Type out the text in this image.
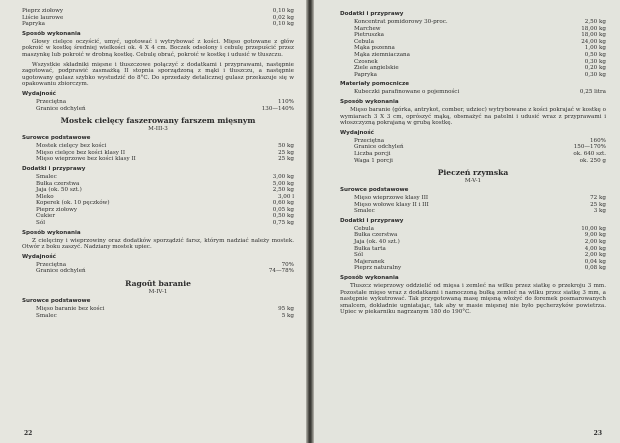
Pieprz ziołowy	0,10 kg
Liście laurowe	0,02 kg
Papryka	0,10 kg
Sposób wykonania

Głowy cielęce oczyścić, umyć, ugotować i wytrybować z kości. Mięso gotowane z głów pokroić w kostkę średniej wielkości ok. 4 X 4 cm. Boczek odsolony i cebulę przepuścić przez maszynkę lub pokroić w drobną kostkę. Cebulę obrać, pokroić w kostkę i udusić w tłuszczu.

Wszystkie składniki mięsne i tłuszczowe połączyć z dodatkami i przyprawami, następnie zagotować, podprawić zasmażką II stopnia sporządzoną z mąki i tłuszczu, a następnie ugotowany gulasz szybko wystudzić do 8°C. Do sprzedaży detalicznej gulasz przekazuje się w opakowaniu zbiorczym.

Wydajność
Przeciętna	110%
Granice odchyleń	130—140%
Mostek cielęcy faszerowany farszem mięsnym
M-III-3
Surowce podstawowe
Mostek cielęcy bez kości	50 kg
Mięso cielęce bez kości klasy II	25 kg
Mięso wieprzowe bez kości klasy II	25 kg
Dodatki i przyprawy
Smalec	3,00 kg
Bułka czerstwa	5,00 kg
Jaja (ok. 50 szt.)	2,50 kg
Mleko	3,00 l
Koperek (ok. 10 pęczków)	0,60 kg
Pieprz ziołowy	0,05 kg
Cukier	0,50 kg
Sól	0,75 kg
Sposób wykonania

Z cielęciny i wieprzowiny oraz dodatków sporządzić farsz, którym nadziać należy mostek. Otwór z boku zaszyć. Nadziany mostek upiec.

Wydajność
Przeciętna	70%
Granice odchyleń	74—78%
Ragoût baranie
M-IV-1
Surowce podstawowe
Mięso baranie bez kości	95 kg
Smalec	5 kg
22
Dodatki i przyprawy
Koncentrat pomidorowy 30-proc.	2,50 kg
Marchew	18,00 kg
Pietruszka	18,00 kg
Cebula	24,00 kg
Mąka pszenna	1,00 kg
Mąka ziemniaczana	0,50 kg
Czosnek	0,30 kg
Ziele angielskie	0,20 kg
Papryka	0,30 kg
Materiały pomocnicze
Kubeczki parafinowane o pojemności	0,25 litra
Sposób wykonania

Mięso baranie (górka, antrykot, comber, udziec) wytrybowane z kości pokrajać w kostkę o wymiarach 3 X 3 cm, oprószyć mąką, obsmażyć na patelni i udusić wraz z przyprawami i włoszczyzną pokrajaną w grubą kostkę.

Wydajność
Przeciętna	160%
Granice odchyleń	150—170%
Liczba porcji	ok. 640 szt.
Waga 1 porcji	ok. 250 g
Pieczeń rzymska
M-V-1
Surowce podstawowe
Mięso wieprzowe klasy III	72 kg
Mięso wołowe klasy II i III	25 kg
Smalec	3 kg
Dodatki i przyprawy
Cebula	10,00 kg
Bułka czerstwa	9,00 kg
Jaja (ok. 40 szt.)	2,00 kg
Bułka tarta	4,00 kg
Sól	2,00 kg
Majeranek	0,04 kg
Pieprz naturalny	0,08 kg
Sposób wykonania

Tłuszcz wieprzowy oddzielić od mięsa i zemleć na wilku przez siatkę o przekroju 3 mm. Pozostałe mięso wraz z dodatkami i namoczoną bułką zemleć na wilku przez siatkę 3 mm, a następnie wykutrować. Tak przygotowaną masę mięsną włożyć do foremek posmarowanych smalcem, dokładnie ugniatając, tak aby w masie mięsnej nie było pęcherzyków powietrza. Upiec w piekarniku nagrzanym 180 do 190°C.

23
